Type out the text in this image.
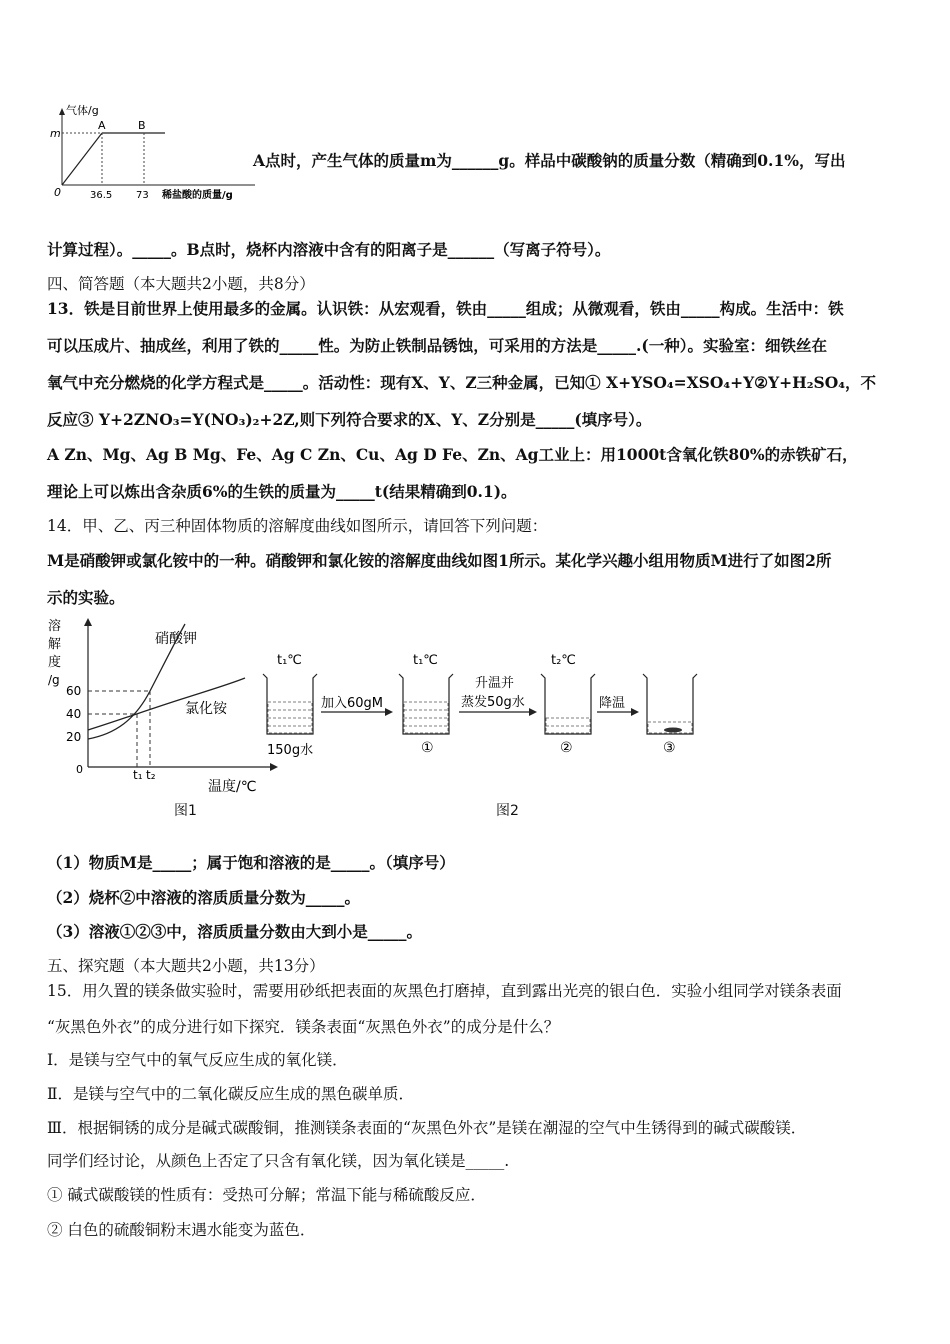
气体/g
m
A	B
0	36.5 73 稀盐酸的质量/g
A点时，产生气体的质量m为______g。样品中碳酸钠的质量分数（精确到0.1%，写出
计算过程）。_____。B点时，烧杯内溶液中含有的阳离子是______（写离子符号）。
四、简答题（本大题共2小题，共8分）
13．铁是目前世界上使用最多的金属。认识铁：从宏观看，铁由_____组成；从微观看，铁由_____构成。生活中：铁
可以压成片、抽成丝，利用了铁的_____性。为防止铁制品锈蚀，可采用的方法是_____.(一种）。实验室：细铁丝在
氧气中充分燃烧的化学方程式是_____。活动性：现有X、Y、Z三种金属，已知① X+YSO₄=XSO₄+Y②Y+H₂SO₄，不
反应③ Y+2ZNO₃=Y(NO₃)₂+2Z,则下列符合要求的X、Y、Z分别是_____(填序号）。
A Zn、Mg、Ag B Mg、Fe、Ag C Zn、Cu、Ag D Fe、Zn、Ag工业上：用1000t含氧化铁80%的赤铁矿石，
理论上可以炼出含杂质6%的生铁的质量为_____t(结果精确到0.1)。
14．甲、乙、丙三种固体物质的溶解度曲线如图所示，请回答下列问题：
M是硝酸钾或氯化铵中的一种。硝酸钾和氯化铵的溶解度曲线如图1所示。某化学兴趣小组用物质M进行了如图2所
示的实验。
溶
解
度
/g
60
40
20
0	t₁ t₂
温度/℃
硝酸钾
氯化铵
图1
t₁℃
150g水
加入60gM
t₁℃
①
升温并
蒸发50g水
t₂℃
②
降温
③
图2
（1）物质M是_____；属于饱和溶液的是_____。（填序号）
（2）烧杯②中溶液的溶质质量分数为_____。
（3）溶液①②③中，溶质质量分数由大到小是_____。
五、探究题（本大题共2小题，共13分）
15．用久置的镁条做实验时，需要用砂纸把表面的灰黑色打磨掉，直到露出光亮的银白色．实验小组同学对镁条表面
“灰黑色外衣”的成分进行如下探究．镁条表面“灰黑色外衣”的成分是什么？
Ⅰ．是镁与空气中的氧气反应生成的氧化镁．
Ⅱ．是镁与空气中的二氧化碳反应生成的黑色碳单质．
Ⅲ．根据铜锈的成分是碱式碳酸铜，推测镁条表面的“灰黑色外衣”是镁在潮湿的空气中生锈得到的碱式碳酸镁．
同学们经讨论，从颜色上否定了只含有氧化镁，因为氧化镁是_____.
① 碱式碳酸镁的性质有：受热可分解；常温下能与稀硫酸反应．
② 白色的硫酸铜粉末遇水能变为蓝色．
